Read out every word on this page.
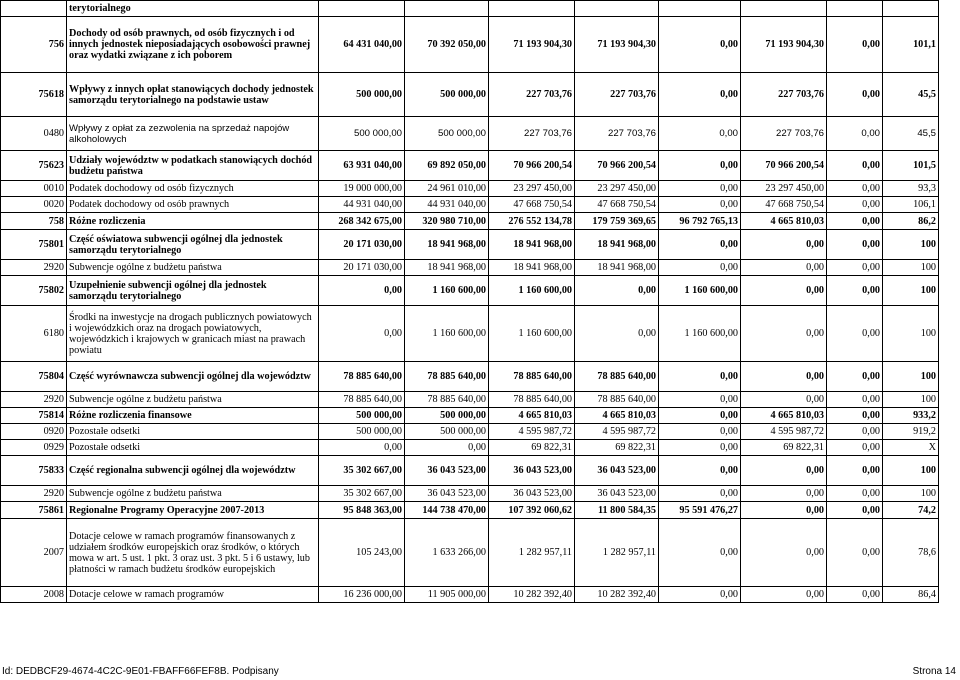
	terytorialnego								
756	Dochody od osób prawnych, od osób fizycznych i od innych jednostek nieposiadających osobowości prawnej oraz wydatki związane z ich poborem	64 431 040,00	70 392 050,00	71 193 904,30	71 193 904,30	0,00	71 193 904,30	0,00	101,1
75618	Wpływy z innych opłat stanowiących dochody jednostek samorządu terytorialnego na podstawie ustaw	500 000,00	500 000,00	227 703,76	227 703,76	0,00	227 703,76	0,00	45,5
0480	Wpływy z opłat za zezwolenia na sprzedaż napojów alkoholowych	500 000,00	500 000,00	227 703,76	227 703,76	0,00	227 703,76	0,00	45,5
75623	Udziały województw w podatkach stanowiących dochód budżetu państwa	63 931 040,00	69 892 050,00	70 966 200,54	70 966 200,54	0,00	70 966 200,54	0,00	101,5
0010	Podatek dochodowy od osób fizycznych	19 000 000,00	24 961 010,00	23 297 450,00	23 297 450,00	0,00	23 297 450,00	0,00	93,3
0020	Podatek dochodowy od osób prawnych	44 931 040,00	44 931 040,00	47 668 750,54	47 668 750,54	0,00	47 668 750,54	0,00	106,1
758	Różne rozliczenia	268 342 675,00	320 980 710,00	276 552 134,78	179 759 369,65	96 792 765,13	4 665 810,03	0,00	86,2
75801	Część oświatowa subwencji ogólnej dla jednostek samorządu terytorialnego	20 171 030,00	18 941 968,00	18 941 968,00	18 941 968,00	0,00	0,00	0,00	100
2920	Subwencje ogólne z budżetu państwa	20 171 030,00	18 941 968,00	18 941 968,00	18 941 968,00	0,00	0,00	0,00	100
75802	Uzupełnienie subwencji ogólnej dla jednostek samorządu terytorialnego	0,00	1 160 600,00	1 160 600,00	0,00	1 160 600,00	0,00	0,00	100
6180	Środki na inwestycje na drogach publicznych powiatowych i wojewódzkich oraz na drogach powiatowych, wojewódzkich i krajowych w granicach miast na prawach powiatu	0,00	1 160 600,00	1 160 600,00	0,00	1 160 600,00	0,00	0,00	100
75804	Część wyrównawcza subwencji ogólnej dla województw	78 885 640,00	78 885 640,00	78 885 640,00	78 885 640,00	0,00	0,00	0,00	100
2920	Subwencje ogólne z budżetu państwa	78 885 640,00	78 885 640,00	78 885 640,00	78 885 640,00	0,00	0,00	0,00	100
75814	Różne rozliczenia finansowe	500 000,00	500 000,00	4 665 810,03	4 665 810,03	0,00	4 665 810,03	0,00	933,2
0920	Pozostałe odsetki	500 000,00	500 000,00	4 595 987,72	4 595 987,72	0,00	4 595 987,72	0,00	919,2
0929	Pozostałe odsetki	0,00	0,00	69 822,31	69 822,31	0,00	69 822,31	0,00	X
75833	Część regionalna subwencji ogólnej dla województw	35 302 667,00	36 043 523,00	36 043 523,00	36 043 523,00	0,00	0,00	0,00	100
2920	Subwencje ogólne z budżetu państwa	35 302 667,00	36 043 523,00	36 043 523,00	36 043 523,00	0,00	0,00	0,00	100
75861	Regionalne Programy Operacyjne 2007-2013	95 848 363,00	144 738 470,00	107 392 060,62	11 800 584,35	95 591 476,27	0,00	0,00	74,2
2007	Dotacje celowe w ramach programów finansowanych z udziałem środków europejskich oraz środków, o których mowa w art. 5 ust. 1 pkt. 3 oraz ust. 3 pkt. 5 i 6 ustawy, lub płatności w ramach budżetu środków europejskich	105 243,00	1 633 266,00	1 282 957,11	1 282 957,11	0,00	0,00	0,00	78,6
2008	Dotacje celowe w ramach programów	16 236 000,00	11 905 000,00	10 282 392,40	10 282 392,40	0,00	0,00	0,00	86,4
Id: DEDBCF29-4674-4C2C-9E01-FBAFF66FEF8B. Podpisany	Strona 14
